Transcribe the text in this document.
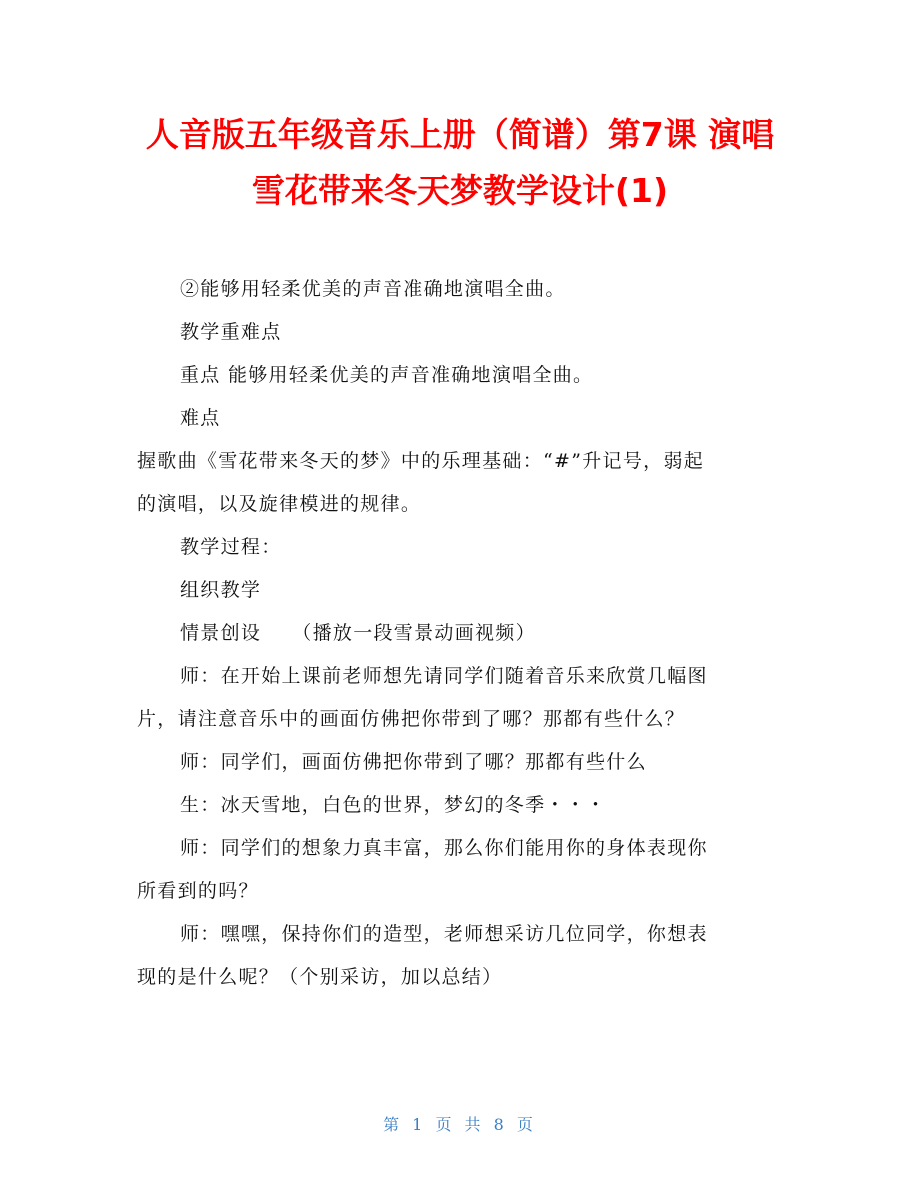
人音版五年级音乐上册（简谱）第7课 演唱
雪花带来冬天梦教学设计(1)
②能够用轻柔优美的声音准确地演唱全曲。
教学重难点
重点 能够用轻柔优美的声音准确地演唱全曲。
难点
握歌曲《雪花带来冬天的梦》中的乐理基础：“#”升记号，弱起
的演唱，以及旋律模进的规律。
教学过程：
组织教学
情景创设　　（播放一段雪景动画视频）
师：在开始上课前老师想先请同学们随着音乐来欣赏几幅图
片，请注意音乐中的画面仿佛把你带到了哪？那都有些什么？
师：同学们，画面仿佛把你带到了哪？那都有些什么
生：冰天雪地，白色的世界，梦幻的冬季・・・
师：同学们的想象力真丰富，那么你们能用你的身体表现你
所看到的吗？
师：嘿嘿，保持你们的造型，老师想采访几位同学，你想表
现的是什么呢？（个别采访，加以总结）
第 1 页 共 8 页
